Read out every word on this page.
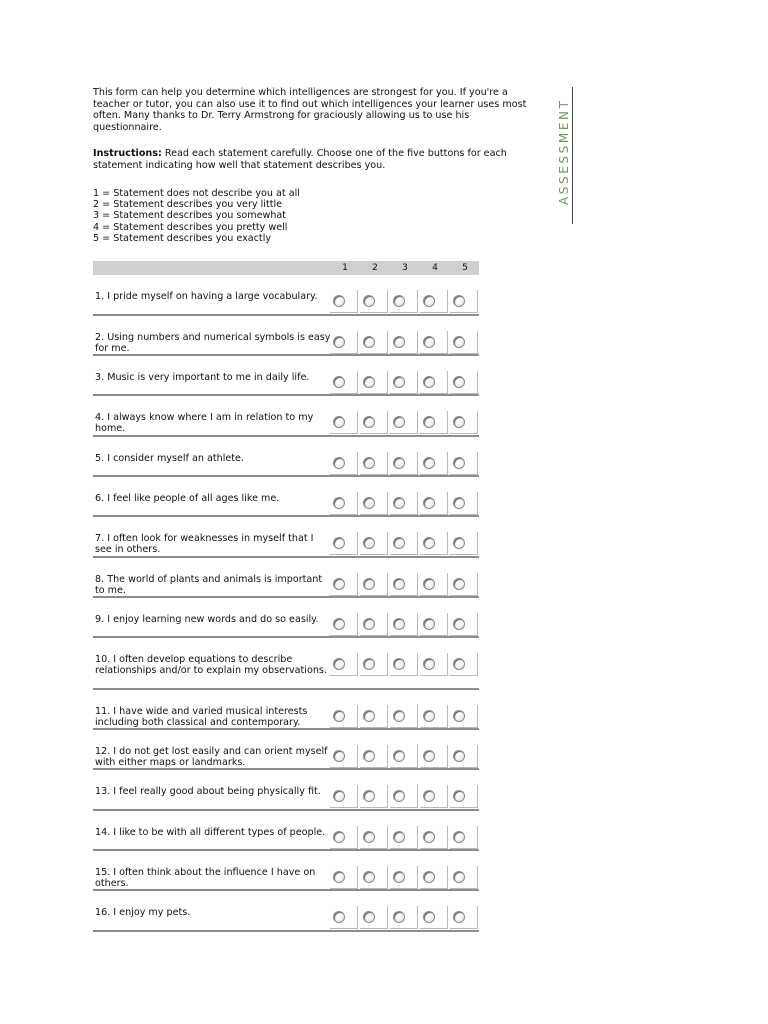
This form can help you determine which intelligences are strongest for you. If you're a teacher or tutor, you can also use it to find out which intelligences your learner uses most often. Many thanks to Dr. Terry Armstrong for graciously allowing us to use his questionnaire.

Instructions: Read each statement carefully. Choose one of the five buttons for each statement indicating how well that statement describes you.
1 = Statement does not describe you at all
2 = Statement describes you very little
3 = Statement describes you somewhat
4 = Statement describes you pretty well
5 = Statement describes you exactly
ASSESSMENT
1	2	3	4	5
1. I pride myself on having a large vocabulary.
2. Using numbers and numerical symbols is easy for me.
3. Music is very important to me in daily life.
4. I always know where I am in relation to my home.
5. I consider myself an athlete.
6. I feel like people of all ages like me.
7. I often look for weaknesses in myself that I see in others.
8. The world of plants and animals is important to me.
9. I enjoy learning new words and do so easily.
10. I often develop equations to describe relationships and/or to explain my observations.
11. I have wide and varied musical interests including both classical and contemporary.
12. I do not get lost easily and can orient myself with either maps or landmarks.
13. I feel really good about being physically fit.
14. I like to be with all different types of people.
15. I often think about the influence I have on others.
16. I enjoy my pets.
